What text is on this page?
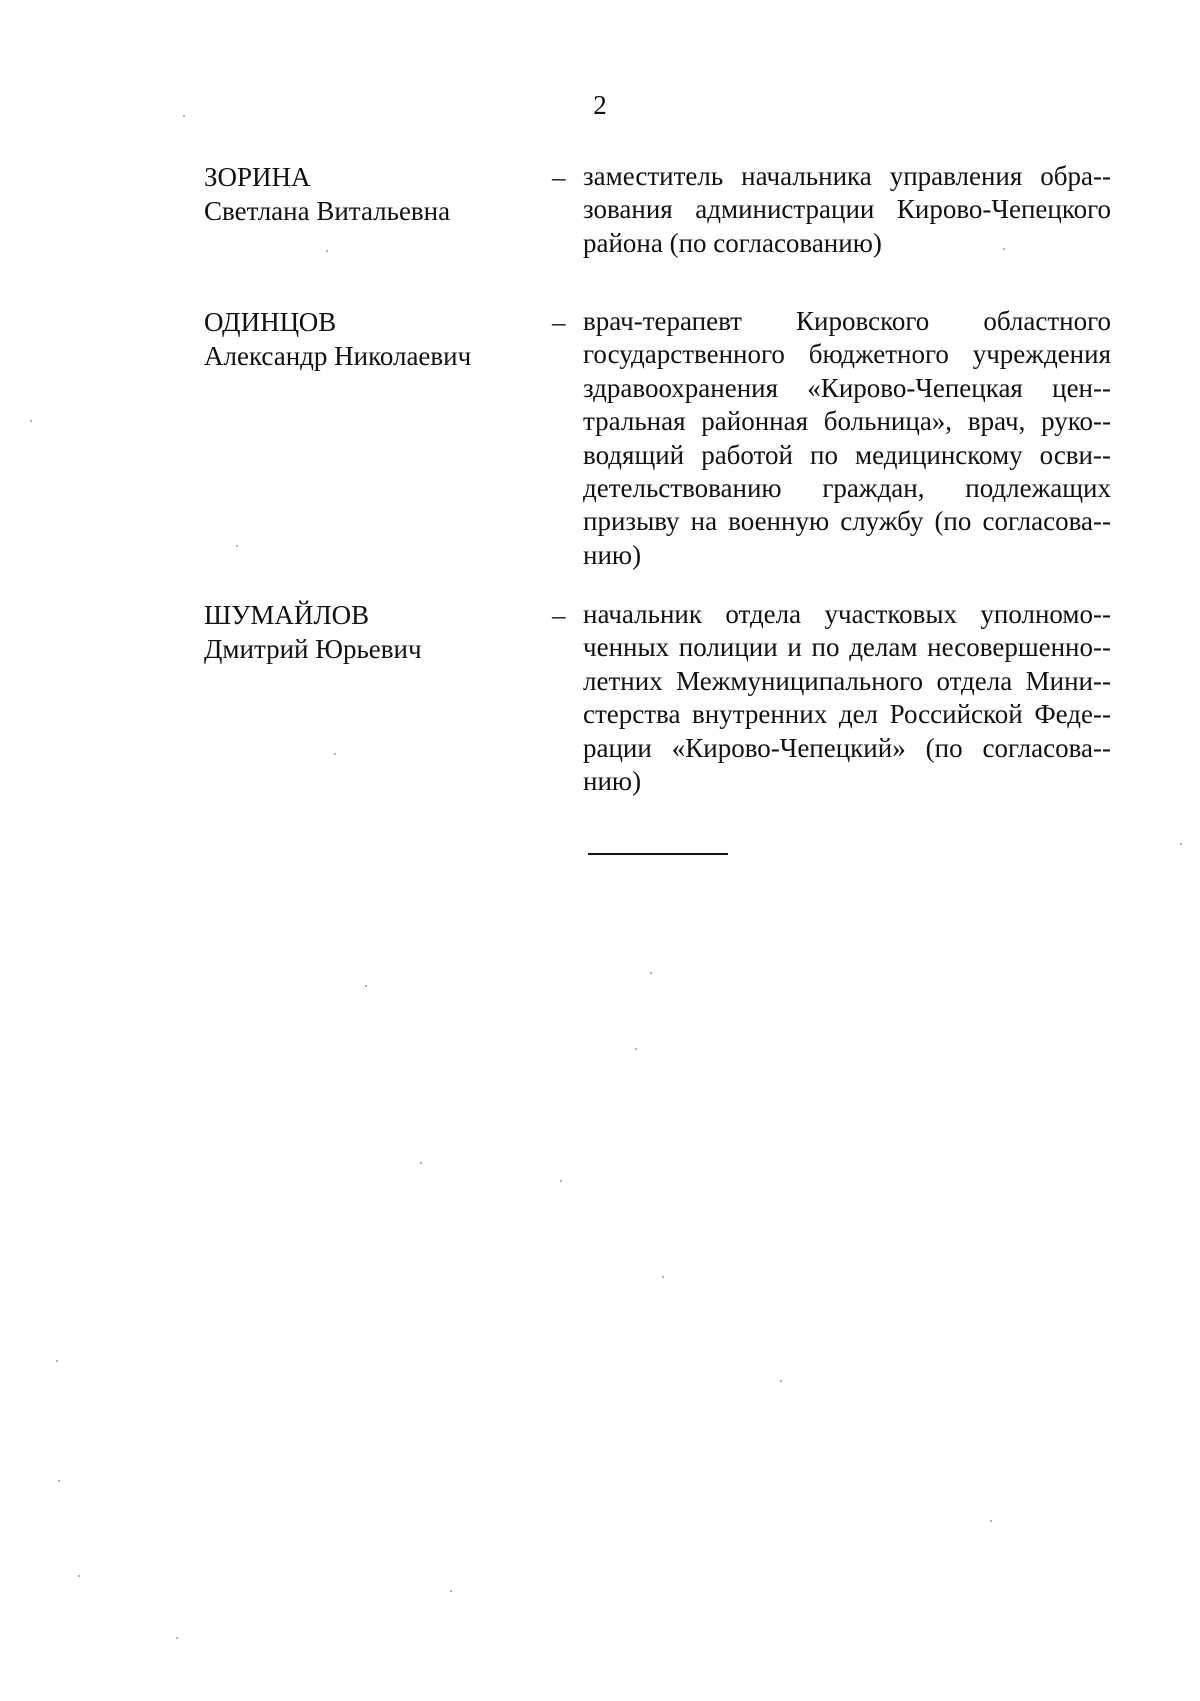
2
ЗОРИНА
Светлана Витальевна
– заместитель начальника управления обра-зования администрации Кирово-Чепецкого района (по согласованию)
ОДИНЦОВ
Александр Николаевич
– врач-терапевт Кировского областного государственного бюджетного учреждения здравоохранения «Кирово-Чепецкая цен-тральная районная больница», врач, руко-водящий работой по медицинскому осви-детельствованию граждан, подлежащих призыву на военную службу (по согласова-нию)
ШУМАЙЛОВ
Дмитрий Юрьевич
– начальник отдела участковых уполномо-ченных полиции и по делам несовершенно-летних Межмуниципального отдела Мини-стерства внутренних дел Российской Феде-рации «Кирово-Чепецкий» (по согласова-нию)
